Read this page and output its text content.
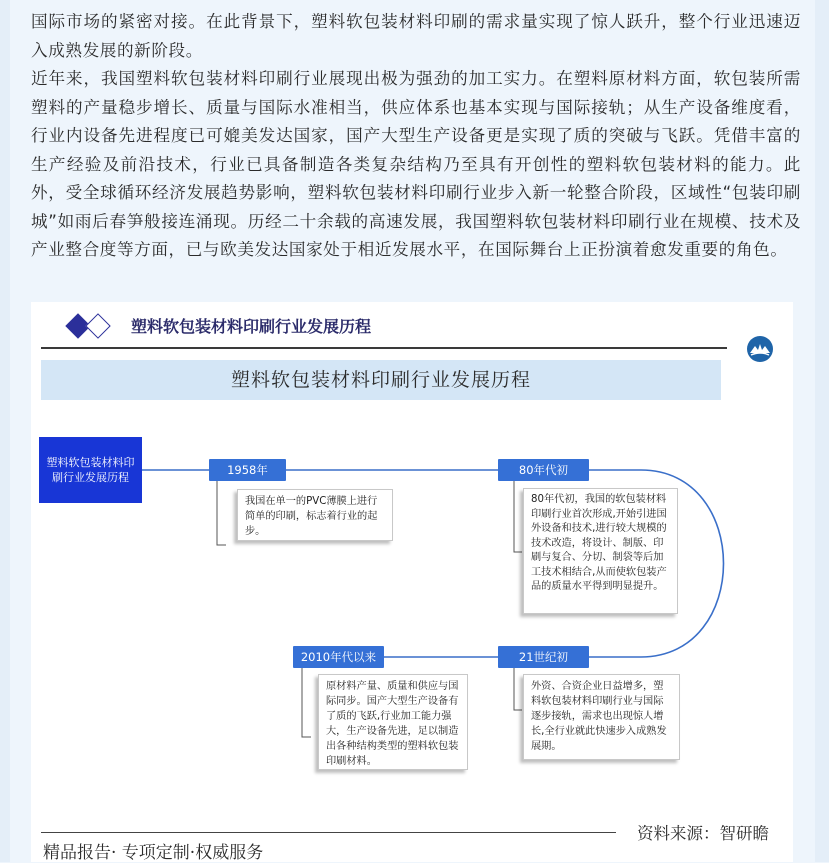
国际市场的紧密对接。在此背景下，塑料软包装材料印刷的需求量实现了惊人跃升，整个行业迅速迈入成熟发展的新阶段。

近年来，我国塑料软包装材料印刷行业展现出极为强劲的加工实力。在塑料原材料方面，软包装所需塑料的产量稳步增长、质量与国际水准相当，供应体系也基本实现与国际接轨；从生产设备维度看，行业内设备先进程度已可媲美发达国家，国产大型生产设备更是实现了质的突破与飞跃。凭借丰富的生产经验及前沿技术，行业已具备制造各类复杂结构乃至具有开创性的塑料软包装材料的能力。此外，受全球循环经济发展趋势影响，塑料软包装材料印刷行业步入新一轮整合阶段，区域性“包装印刷城”如雨后春笋般接连涌现。历经二十余载的高速发展，我国塑料软包装材料印刷行业在规模、技术及产业整合度等方面，已与欧美发达国家处于相近发展水平，在国际舞台上正扮演着愈发重要的角色。

塑料软包装材料印刷行业发展历程
塑料软包装材料印刷行业发展历程
塑料软包装材料印刷行业发展历程
1958年
我国在单一的PVC薄膜上进行简单的印刷，标志着行业的起步。
80年代初
80年代初，我国的软包装材料印刷行业首次形成,开始引进国外设备和技术,进行较大规模的技术改造，将设计、制版、印刷与复合、分切、制袋等后加工技术相结合,从而使软包装产品的质量水平得到明显提升。
21世纪初
外资、合资企业日益增多，塑料软包装材料印刷行业与国际逐步接轨，需求也出现惊人增长,全行业就此快速步入成熟发展期。
2010年代以来
原材料产量、质量和供应与国际同步。国产大型生产设备有了质的飞跃,行业加工能力强大，生产设备先进，足以制造出各种结构类型的塑料软包装印刷材料。
精品报告· 专项定制·权威服务
资料来源：智研瞻
